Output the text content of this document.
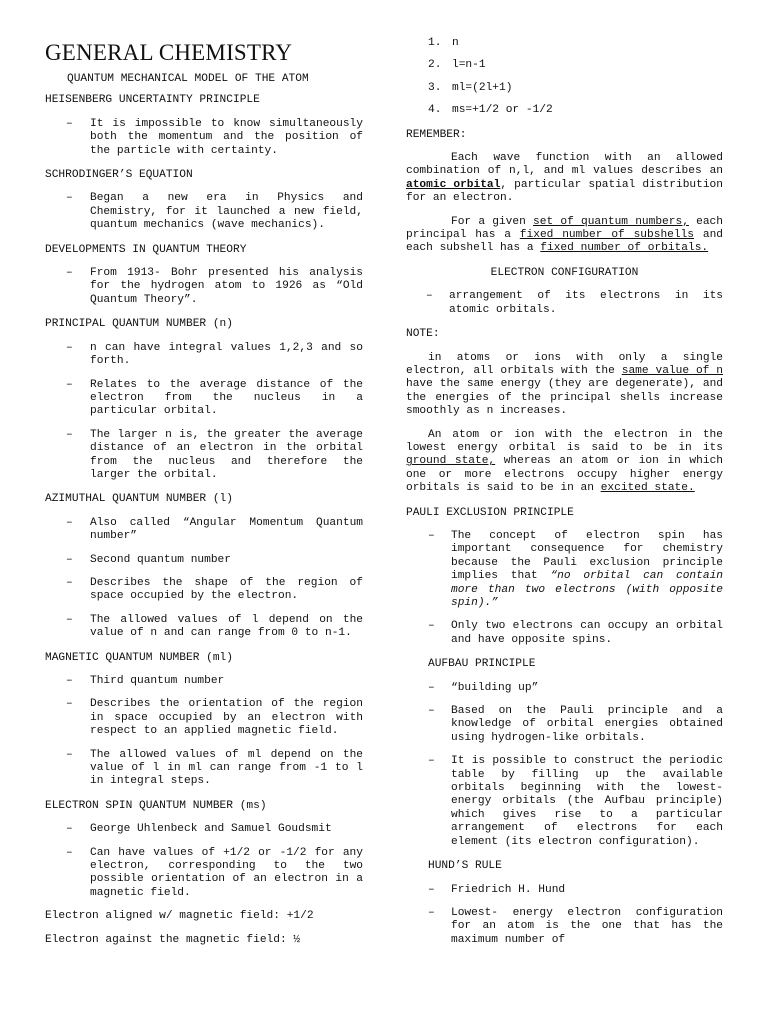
GENERAL CHEMISTRY
QUANTUM MECHANICAL MODEL OF THE ATOM
HEISENBERG UNCERTAINTY PRINCIPLE
–	It is impossible to know simultaneously both the momentum and the position of the particle with certainty.
SCHRODINGER’S EQUATION
–	Began a new era in Physics and Chemistry, for it launched a new field, quantum mechanics (wave mechanics).
DEVELOPMENTS IN QUANTUM THEORY
–	From 1913- Bohr presented his analysis for the hydrogen atom to 1926 as “Old Quantum Theory”.
PRINCIPAL QUANTUM NUMBER (n)
–	n can have integral values 1,2,3 and so forth.
–	Relates to the average distance of the electron from the nucleus in a particular orbital.
–	The larger n is, the greater the average distance of an electron in the orbital from the nucleus and therefore the larger the orbital.
AZIMUTHAL QUANTUM NUMBER (l)
–	Also called “Angular Momentum Quantum number”
–	Second quantum number
–	Describes the shape of the region of space occupied by the electron.
–	The allowed values of l depend on the value of n and can range from 0 to n-1.
MAGNETIC QUANTUM NUMBER (ml)
–	Third quantum number
–	Describes the orientation of the region in space occupied by an electron with respect to an applied magnetic field.
–	The allowed values of ml depend on the value of l in ml can range from -1 to l in integral steps.
ELECTRON SPIN QUANTUM NUMBER (ms)
–	George Uhlenbeck and Samuel Goudsmit
–	Can have values of +1/2 or -1/2 for any electron, corresponding to the two possible orientation of an electron in a magnetic field.
Electron aligned w/ magnetic field: +1/2
Electron against the magnetic field: ½
1. n
2. l=n-1
3. ml=(2l+1)
4. ms=+1/2 or -1/2
REMEMBER:
Each wave function with an allowed combination of n,l, and ml values describes an atomic orbital, particular spatial distribution for an electron.
For a given set of quantum numbers, each principal has a fixed number of subshells and each subshell has a fixed number of orbitals.
ELECTRON CONFIGURATION
–	arrangement of its electrons in its atomic orbitals.
NOTE:
in atoms or ions with only a single electron, all orbitals with the same value of n have the same energy (they are degenerate), and the energies of the principal shells increase smoothly as n increases.
An atom or ion with the electron in the lowest energy orbital is said to be in its ground state, whereas an atom or ion in which one or more electrons occupy higher energy orbitals is said to be in an excited state.
PAULI EXCLUSION PRINCIPLE
–	The concept of electron spin has important consequence for chemistry because the Pauli exclusion principle implies that “no orbital can contain more than two electrons (with opposite spin).”
–	Only two electrons can occupy an orbital and have opposite spins.
AUFBAU PRINCIPLE
–	“building up”
–	Based on the Pauli principle and a knowledge of orbital energies obtained using hydrogen-like orbitals.
–	It is possible to construct the periodic table by filling up the available orbitals beginning with the lowest-energy orbitals (the Aufbau principle) which gives rise to a particular arrangement of electrons for each element (its electron configuration).
HUND’S RULE
–	Friedrich H. Hund
–	Lowest- energy electron configuration for an atom is the one that has the maximum number of
